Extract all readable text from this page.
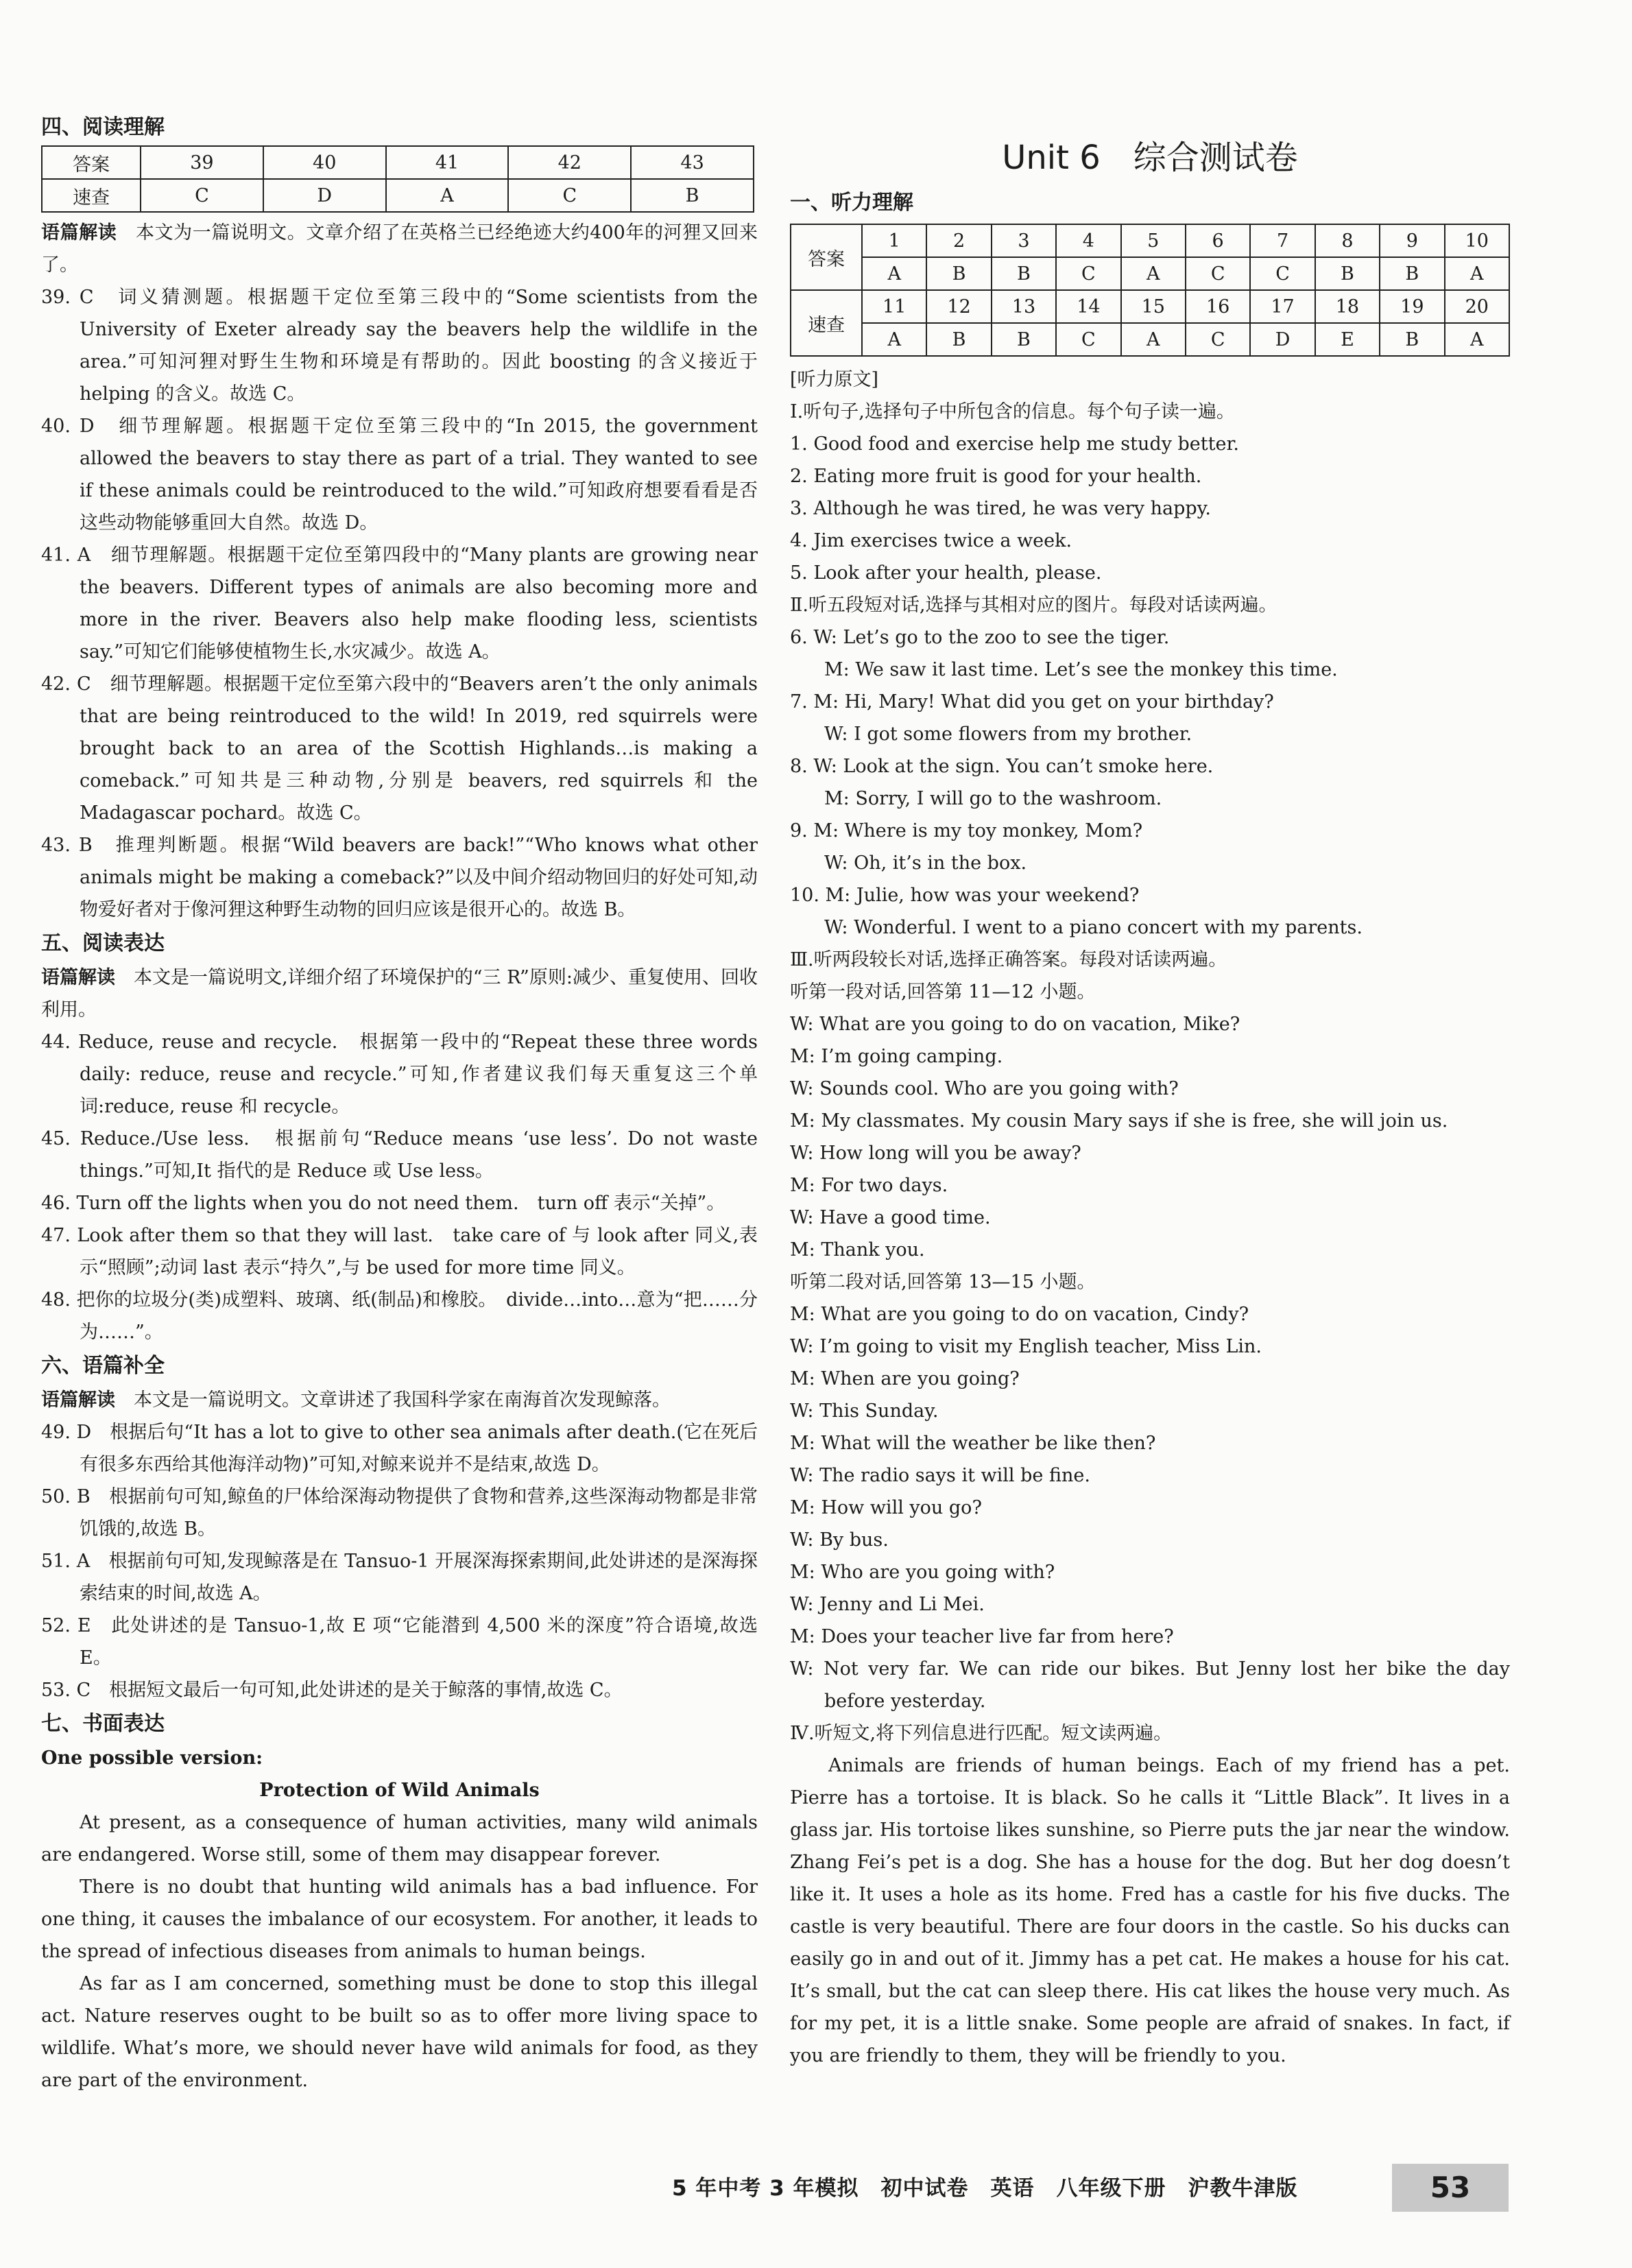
四、阅读理解
答案	39	40	41	42	43
速查	C	D	A	C	B

语篇解读　本文为一篇说明文。文章介绍了在英格兰已经绝迹大约400年的河狸又回来了。

39. C　词义猜测题。根据题干定位至第三段中的“Some scientists from the University of Exeter already say the beavers help the wildlife in the area.”可知河狸对野生生物和环境是有帮助的。因此 boosting 的含义接近于 helping 的含义。故选 C。

40. D　细节理解题。根据题干定位至第三段中的“In 2015, the government allowed the beavers to stay there as part of a trial. They wanted to see if these animals could be reintroduced to the wild.”可知政府想要看看是否这些动物能够重回大自然。故选 D。

41. A　细节理解题。根据题干定位至第四段中的“Many plants are growing near the beavers. Different types of animals are also becoming more and more in the river. Beavers also help make flooding less, scientists say.”可知它们能够使植物生长,水灾减少。故选 A。

42. C　细节理解题。根据题干定位至第六段中的“Beavers aren’t the only animals that are being reintroduced to the wild! In 2019, red squirrels were brought back to an area of the Scottish Highlands…is making a comeback.”可知共是三种动物,分别是 beavers, red squirrels 和 the Madagascar pochard。故选 C。

43. B　推理判断题。根据“Wild beavers are back!”“Who knows what other animals might be making a comeback?”以及中间介绍动物回归的好处可知,动物爱好者对于像河狸这种野生动物的回归应该是很开心的。故选 B。

五、阅读表达

语篇解读　本文是一篇说明文,详细介绍了环境保护的“三 R”原则:减少、重复使用、回收利用。

44. Reduce, reuse and recycle.　根据第一段中的“Repeat these three words daily: reduce, reuse and recycle.”可知,作者建议我们每天重复这三个单词:reduce, reuse 和 recycle。

45. Reduce./Use less.　根据前句“Reduce means ‘use less’. Do not waste things.”可知,It 指代的是 Reduce 或 Use less。

46. Turn off the lights when you do not need them.　turn off 表示“关掉”。

47. Look after them so that they will last.　take care of 与 look after 同义,表示“照顾”;动词 last 表示“持久”,与 be used for more time 同义。

48. 把你的垃圾分(类)成塑料、玻璃、纸(制品)和橡胶。　divide…into…意为“把……分为……”。

六、语篇补全

语篇解读　本文是一篇说明文。文章讲述了我国科学家在南海首次发现鲸落。

49. D　根据后句“It has a lot to give to other sea animals after death.(它在死后有很多东西给其他海洋动物)”可知,对鲸来说并不是结束,故选 D。

50. B　根据前句可知,鲸鱼的尸体给深海动物提供了食物和营养,这些深海动物都是非常饥饿的,故选 B。

51. A　根据前句可知,发现鲸落是在 Tansuo-1 开展深海探索期间,此处讲述的是深海探索结束的时间,故选 A。

52. E　此处讲述的是 Tansuo-1,故 E 项“它能潜到 4,500 米的深度”符合语境,故选 E。

53. C　根据短文最后一句可知,此处讲述的是关于鲸落的事情,故选 C。

七、书面表达

One possible version:

Protection of Wild Animals

At present, as a consequence of human activities, many wild animals are endangered. Worse still, some of them may disappear forever.

There is no doubt that hunting wild animals has a bad influence. For one thing, it causes the imbalance of our ecosystem. For another, it leads to the spread of infectious diseases from animals to human beings.

As far as I am concerned, something must be done to stop this illegal act. Nature reserves ought to be built so as to offer more living space to wildlife. What’s more, we should never have wild animals for food, as they are part of the environment.

Unit 6　综合测试卷
一、听力理解
答案	1	2	3	4	5	6	7	8	9	10
	A	B	B	C	A	C	C	B	B	A
速查	11	12	13	14	15	16	17	18	19	20
	A	B	B	C	A	C	D	E	B	A

[听力原文]

Ⅰ.听句子,选择句子中所包含的信息。每个句子读一遍。

1. Good food and exercise help me study better.

2. Eating more fruit is good for your health.

3. Although he was tired, he was very happy.

4. Jim exercises twice a week.

5. Look after your health, please.

Ⅱ.听五段短对话,选择与其相对应的图片。每段对话读两遍。

6. W: Let’s go to the zoo to see the tiger.

M: We saw it last time. Let’s see the monkey this time.

7. M: Hi, Mary! What did you get on your birthday?

W: I got some flowers from my brother.

8. W: Look at the sign. You can’t smoke here.

M: Sorry, I will go to the washroom.

9. M: Where is my toy monkey, Mom?

W: Oh, it’s in the box.

10. M: Julie, how was your weekend?

W: Wonderful. I went to a piano concert with my parents.

Ⅲ.听两段较长对话,选择正确答案。每段对话读两遍。

听第一段对话,回答第 11—12 小题。

W: What are you going to do on vacation, Mike?

M: I’m going camping.

W: Sounds cool. Who are you going with?

M: My classmates. My cousin Mary says if she is free, she will join us.

W: How long will you be away?

M: For two days.

W: Have a good time.

M: Thank you.

听第二段对话,回答第 13—15 小题。

M: What are you going to do on vacation, Cindy?

W: I’m going to visit my English teacher, Miss Lin.

M: When are you going?

W: This Sunday.

M: What will the weather be like then?

W: The radio says it will be fine.

M: How will you go?

W: By bus.

M: Who are you going with?

W: Jenny and Li Mei.

M: Does your teacher live far from here?

W: Not very far. We can ride our bikes. But Jenny lost her bike the day before yesterday.

Ⅳ.听短文,将下列信息进行匹配。短文读两遍。

Animals are friends of human beings. Each of my friend has a pet. Pierre has a tortoise. It is black. So he calls it “Little Black”. It lives in a glass jar. His tortoise likes sunshine, so Pierre puts the jar near the window. Zhang Fei’s pet is a dog. She has a house for the dog. But her dog doesn’t like it. It uses a hole as its home. Fred has a castle for his five ducks. The castle is very beautiful. There are four doors in the castle. So his ducks can easily go in and out of it. Jimmy has a pet cat. He makes a house for his cat. It’s small, but the cat can sleep there. His cat likes the house very much. As for my pet, it is a little snake. Some people are afraid of snakes. In fact, if you are friendly to them, they will be friendly to you.

5 年中考 3 年模拟　初中试卷　英语　八年级下册　沪教牛津版	53
